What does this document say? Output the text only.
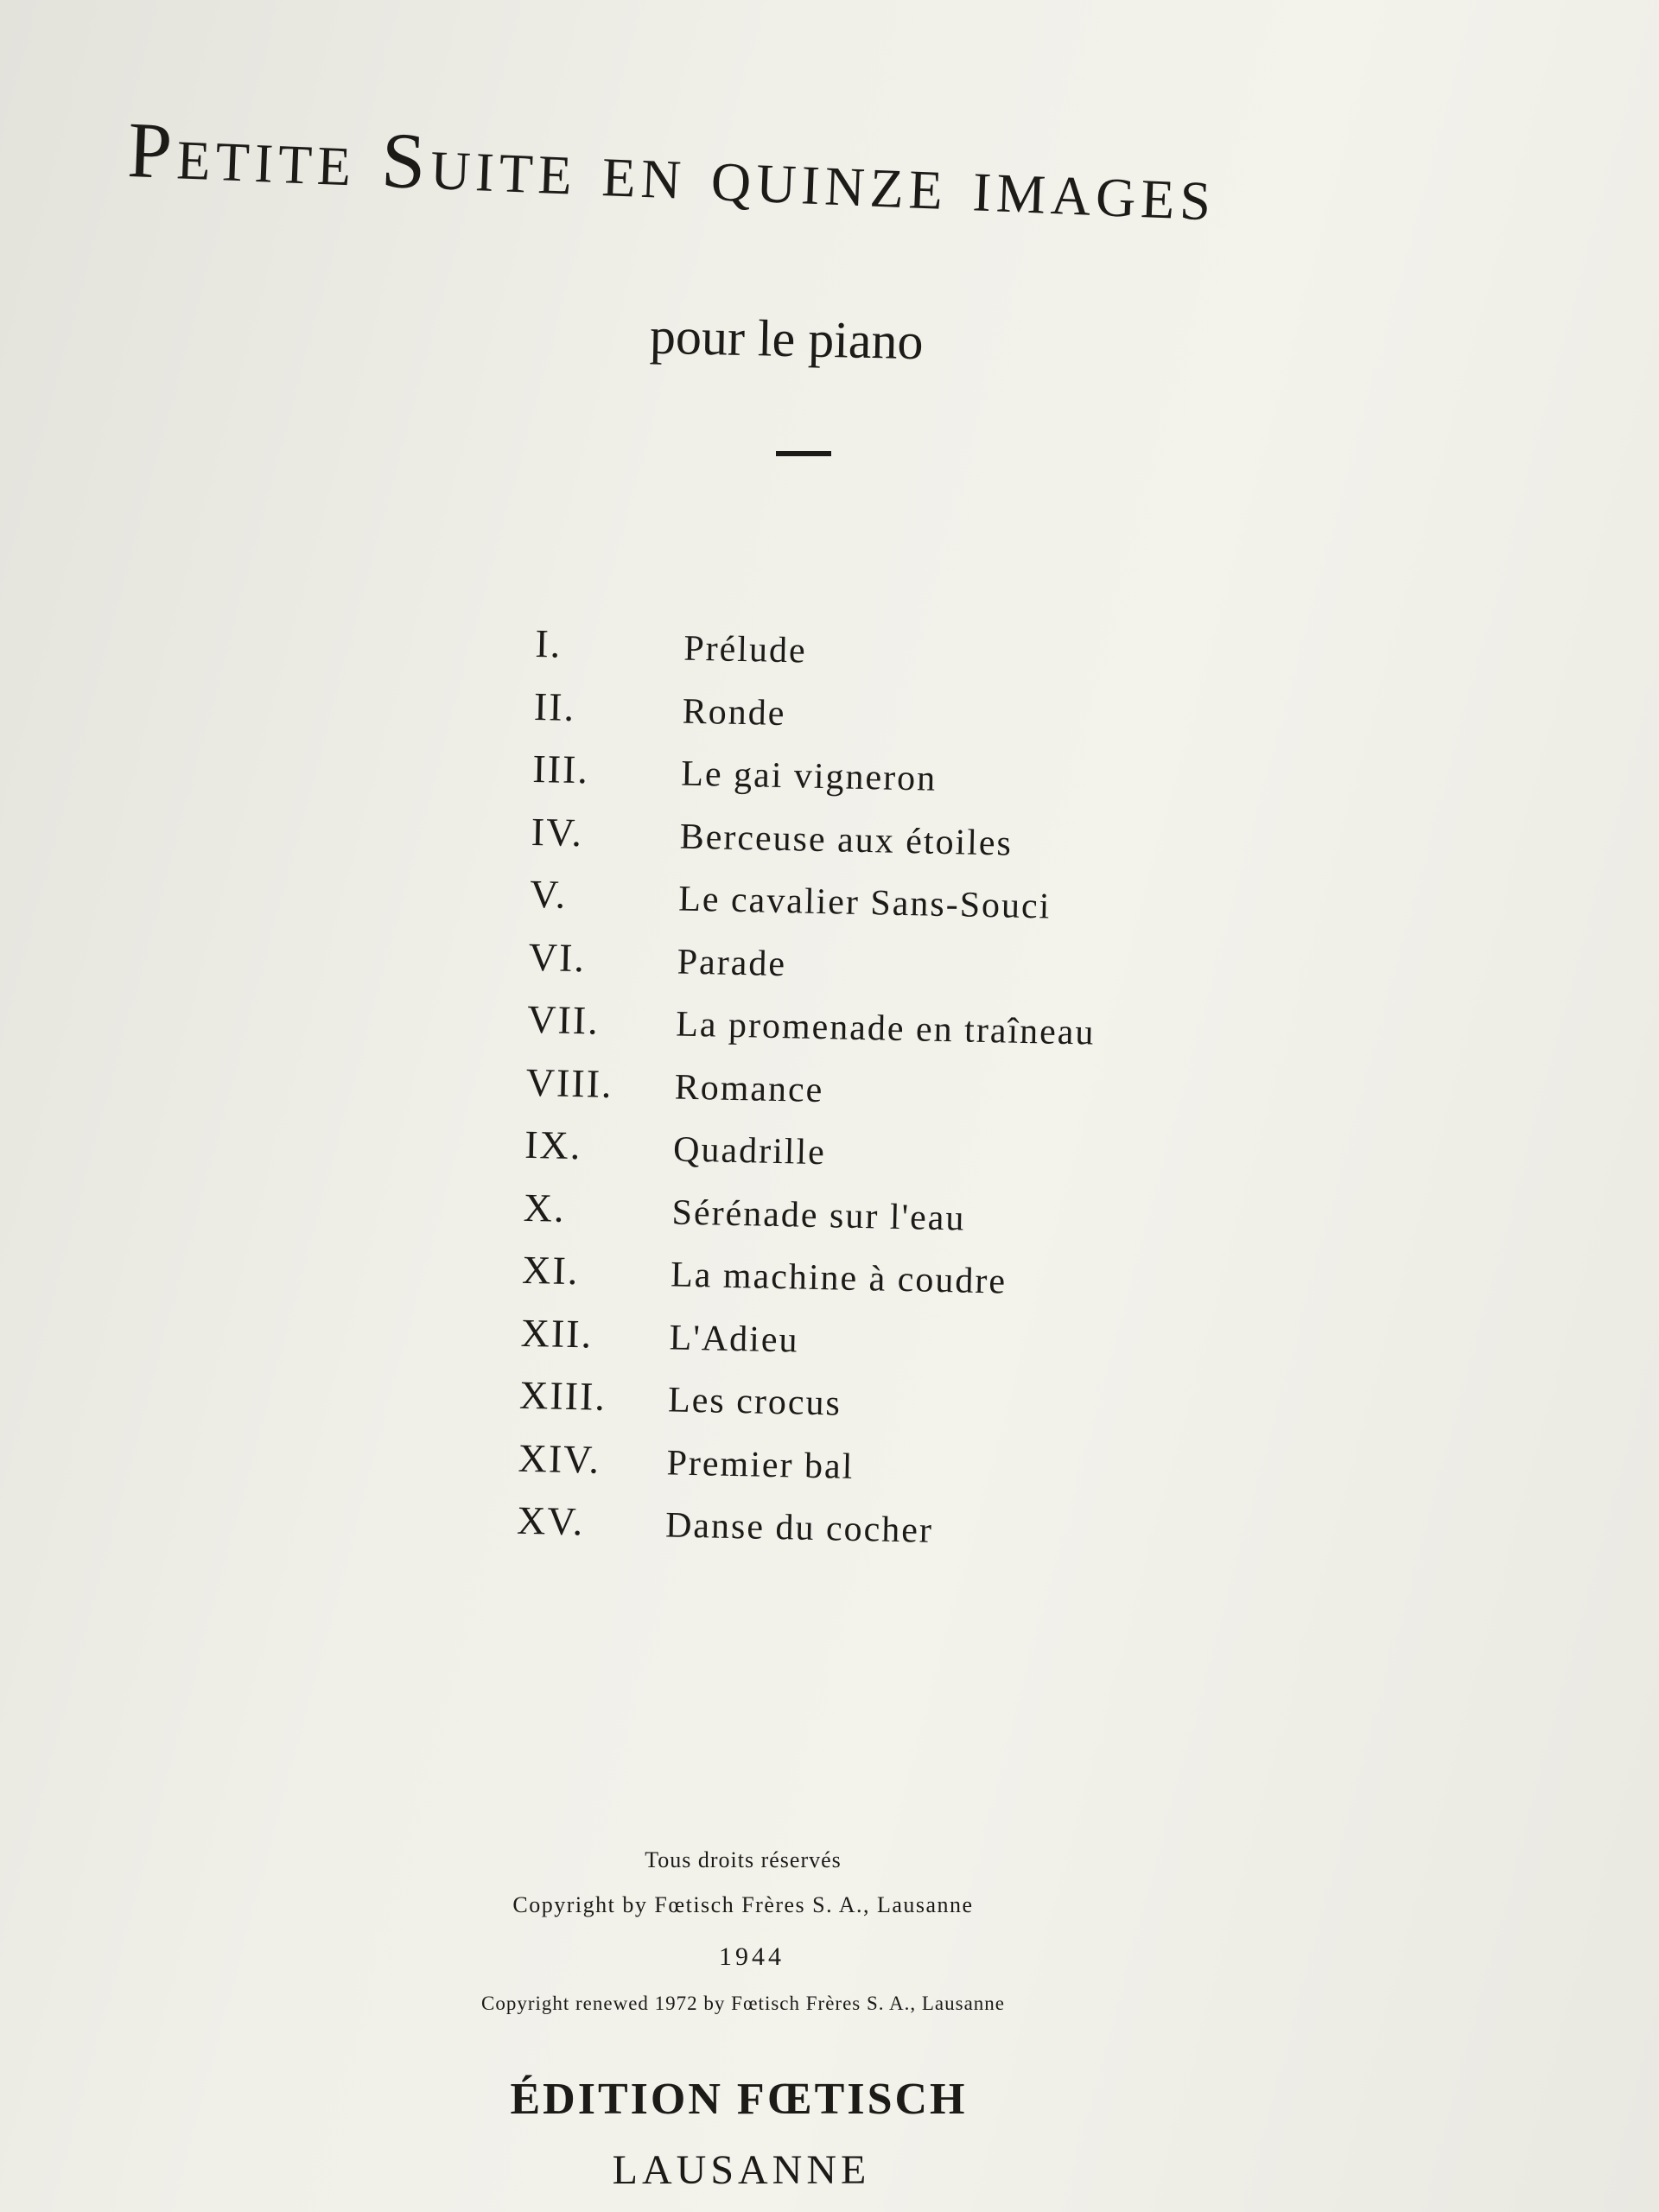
Petite Suite en quinze images

pour le piano

I.	Prélude
II.	Ronde
III.	Le gai vigneron
IV.	Berceuse aux étoiles
V.	Le cavalier Sans-Souci
VI.	Parade
VII.	La promenade en traîneau
VIII.	Romance
IX.	Quadrille
X.	Sérénade sur l'eau
XI.	La machine à coudre
XII.	L'Adieu
XIII.	Les crocus
XIV.	Premier bal
XV.	Danse du cocher

Tous droits réservés

Copyright by Fœtisch Frères S. A., Lausanne

1944

Copyright renewed 1972 by Fœtisch Frères S. A., Lausanne

ÉDITION FŒTISCH

LAUSANNE
